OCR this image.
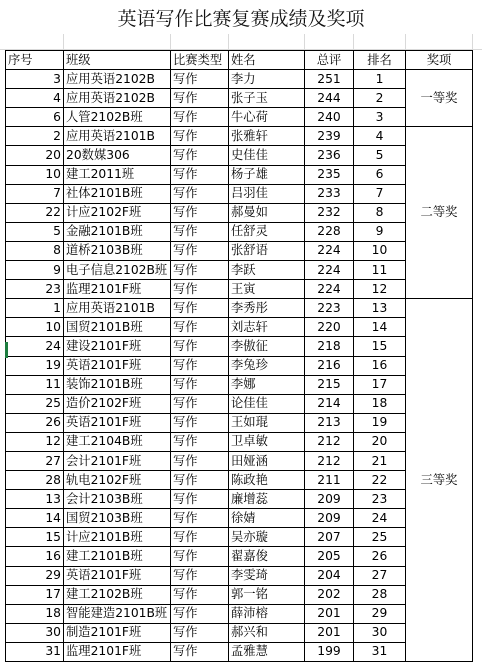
英语写作比赛复赛成绩及奖项
序号	班级	比赛类型	姓名	总评	排名	奖项
3	应用英语2102B	写作	李力	251	1	一等奖
4	应用英语2102B	写作	张子玉	244	2	
6	人管2102B班	写作	牛心荷	240	3	
2	应用英语2101B	写作	张雅轩	239	4	二等奖
20	20数媒306	写作	史佳佳	236	5	
10	建工2011班	写作	杨子雄	235	6	
7	社体2101B班	写作	吕羽佳	233	7	
22	计应2102F班	写作	郝曼如	232	8	
5	金融2101B班	写作	任舒灵	228	9	
8	道桥2103B班	写作	张舒语	224	10	
9	电子信息2102B班	写作	李跃	224	11	
23	监理2101F班	写作	王寅	224	12	
1	应用英语2101B	写作	李秀彤	223	13	三等奖
10	国贸2101B班	写作	刘志轩	220	14	
24	建设2101F班	写作	李傲征	218	15	
19	英语2101F班	写作	李兔珍	216	16	
11	装饰2101B班	写作	李娜	215	17	
25	造价2102F班	写作	论佳佳	214	18	
26	英语2101F班	写作	王如琨	213	19	
12	建工2104B班	写作	卫卓敏	212	20	
27	会计2101F班	写作	田娅涵	212	21	
28	轨电2102F班	写作	陈政艳	211	22	
13	会计2103B班	写作	廉增蕊	209	23	
14	国贸2103B班	写作	徐婧	209	24	
15	计应2101B班	写作	吴亦璇	207	25	
16	建工2101B班	写作	翟嘉俊	205	26	
29	英语2101F班	写作	李雯琦	204	27	
17	建工2102B班	写作	郭一铭	202	28	
18	智能建造2101B班	写作	薛沛榕	201	29	
30	制造2101F班	写作	郝兴和	201	30	
31	监理2101F班	写作	孟雅慧	199	31	
